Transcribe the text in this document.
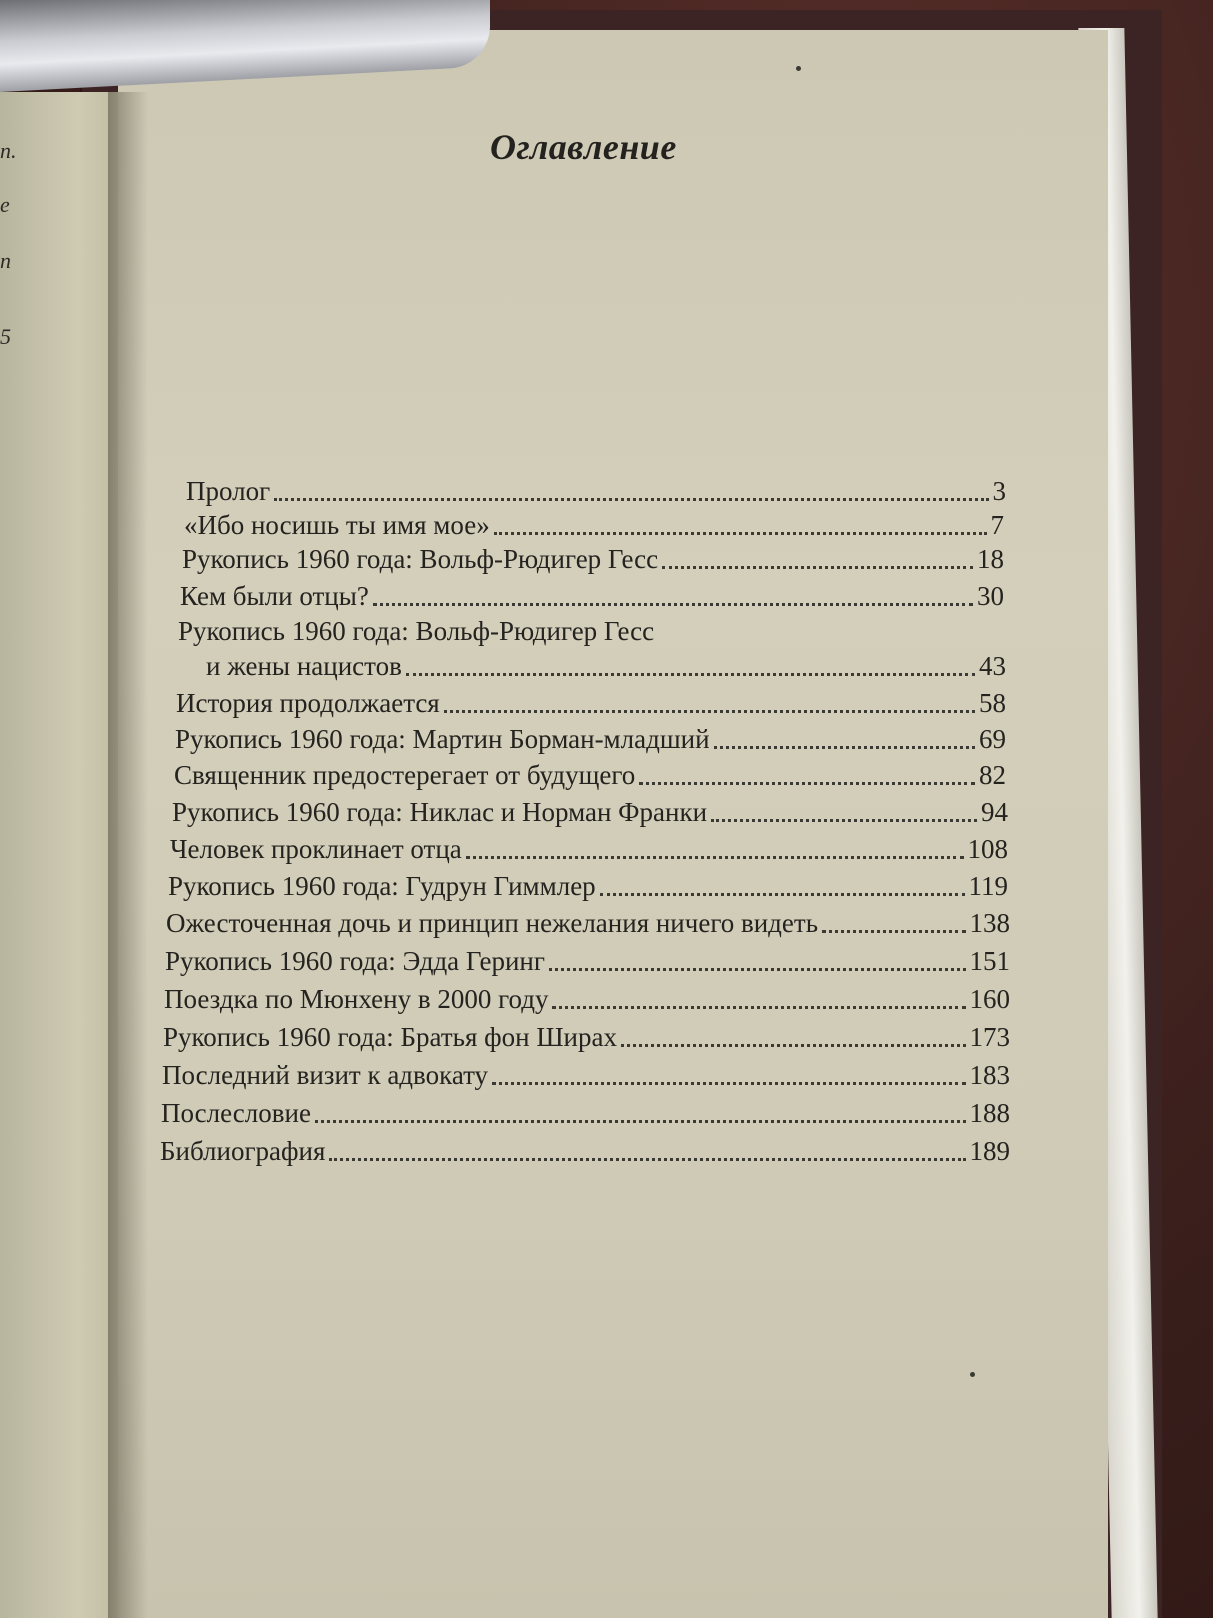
п.
е
п
5
Оглавление
Пролог	3
«Ибо носишь ты имя мое»	7
Рукопись 1960 года: Вольф-Рюдигер Гесс	18
Кем были отцы?	30
Рукопись 1960 года: Вольф-Рюдигер Гесс
и жены нацистов	43
История продолжается	58
Рукопись 1960 года: Мартин Борман-младший	69
Священник предостерегает от будущего	82
Рукопись 1960 года: Никлас и Норман Франки	94
Человек проклинает отца	108
Рукопись 1960 года: Гудрун Гиммлер	119
Ожесточенная дочь и принцип нежелания ничего видеть	138
Рукопись 1960 года: Эдда Геринг	151
Поездка по Мюнхену в 2000 году	160
Рукопись 1960 года: Братья фон Ширах	173
Последний визит к адвокату	183
Послесловие	188
Библиография	189
